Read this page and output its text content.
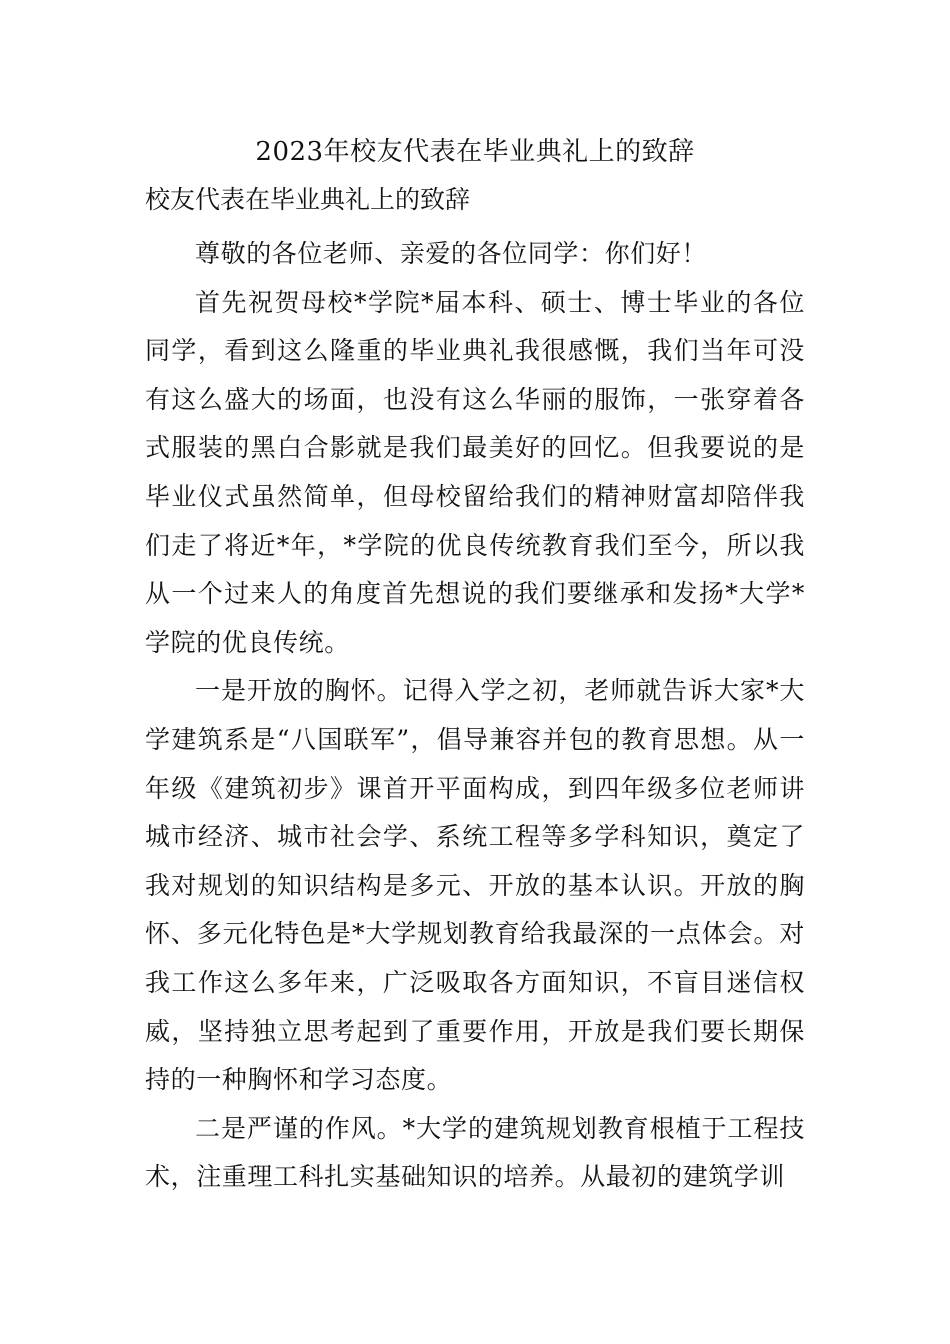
2023年校友代表在毕业典礼上的致辞

校友代表在毕业典礼上的致辞

尊敬的各位老师、亲爱的各位同学：你们好！

首先祝贺母校*学院*届本科、硕士、博士毕业的各位同学，看到这么隆重的毕业典礼我很感慨，我们当年可没有这么盛大的场面，也没有这么华丽的服饰，一张穿着各式服装的黑白合影就是我们最美好的回忆。但我要说的是毕业仪式虽然简单，但母校留给我们的精神财富却陪伴我们走了将近*年，*学院的优良传统教育我们至今，所以我从一个过来人的角度首先想说的我们要继承和发扬*大学*学院的优良传统。

一是开放的胸怀。记得入学之初，老师就告诉大家*大学建筑系是“八国联军”，倡导兼容并包的教育思想。从一年级《建筑初步》课首开平面构成，到四年级多位老师讲城市经济、城市社会学、系统工程等多学科知识，奠定了我对规划的知识结构是多元、开放的基本认识。开放的胸怀、多元化特色是*大学规划教育给我最深的一点体会。对我工作这么多年来，广泛吸取各方面知识，不盲目迷信权威，坚持独立思考起到了重要作用，开放是我们要长期保持的一种胸怀和学习态度。

二是严谨的作风。*大学的建筑规划教育根植于工程技术，注重理工科扎实基础知识的培养。从最初的建筑学训
